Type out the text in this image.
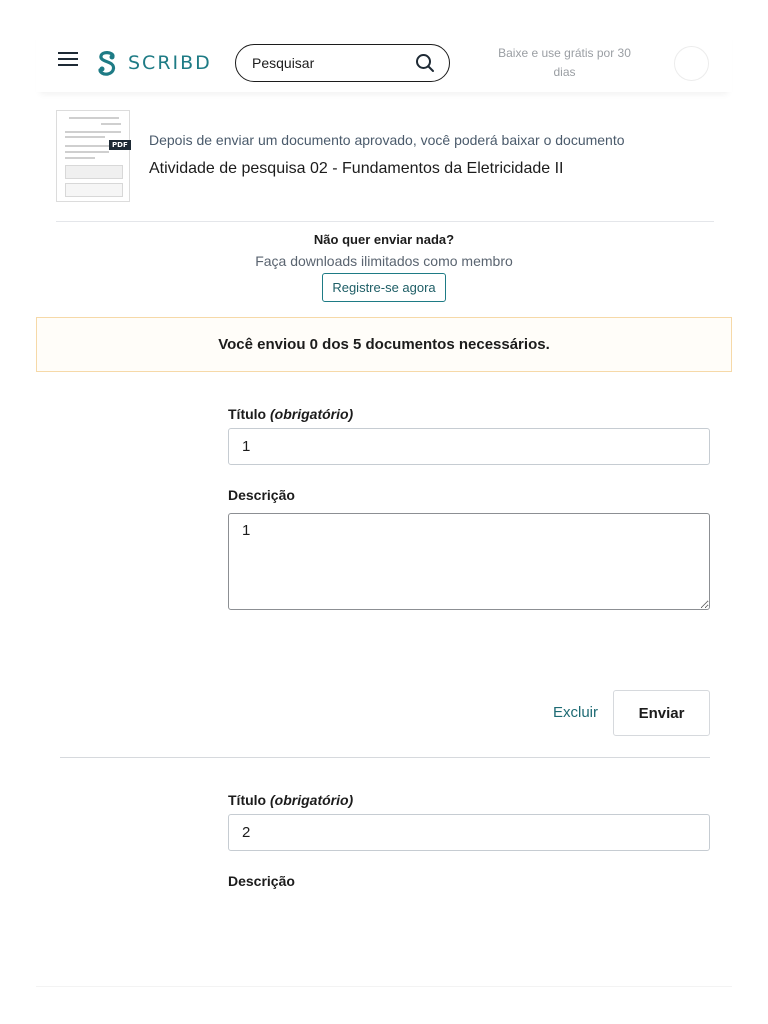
SCRIBD
Pesquisar	Baixe e use grátis por 30 dias
PDF Depois de enviar um documento aprovado, você poderá baixar o documento
Atividade de pesquisa 02 - Fundamentos da Eletricidade II
Não quer enviar nada?
Faça downloads ilimitados como membro
Registre-se agora
Você enviou 0 dos 5 documentos necessários.
Título (obrigatório)
1
Descrição
1
Excluir	Enviar
Título (obrigatório)
2
Descrição
